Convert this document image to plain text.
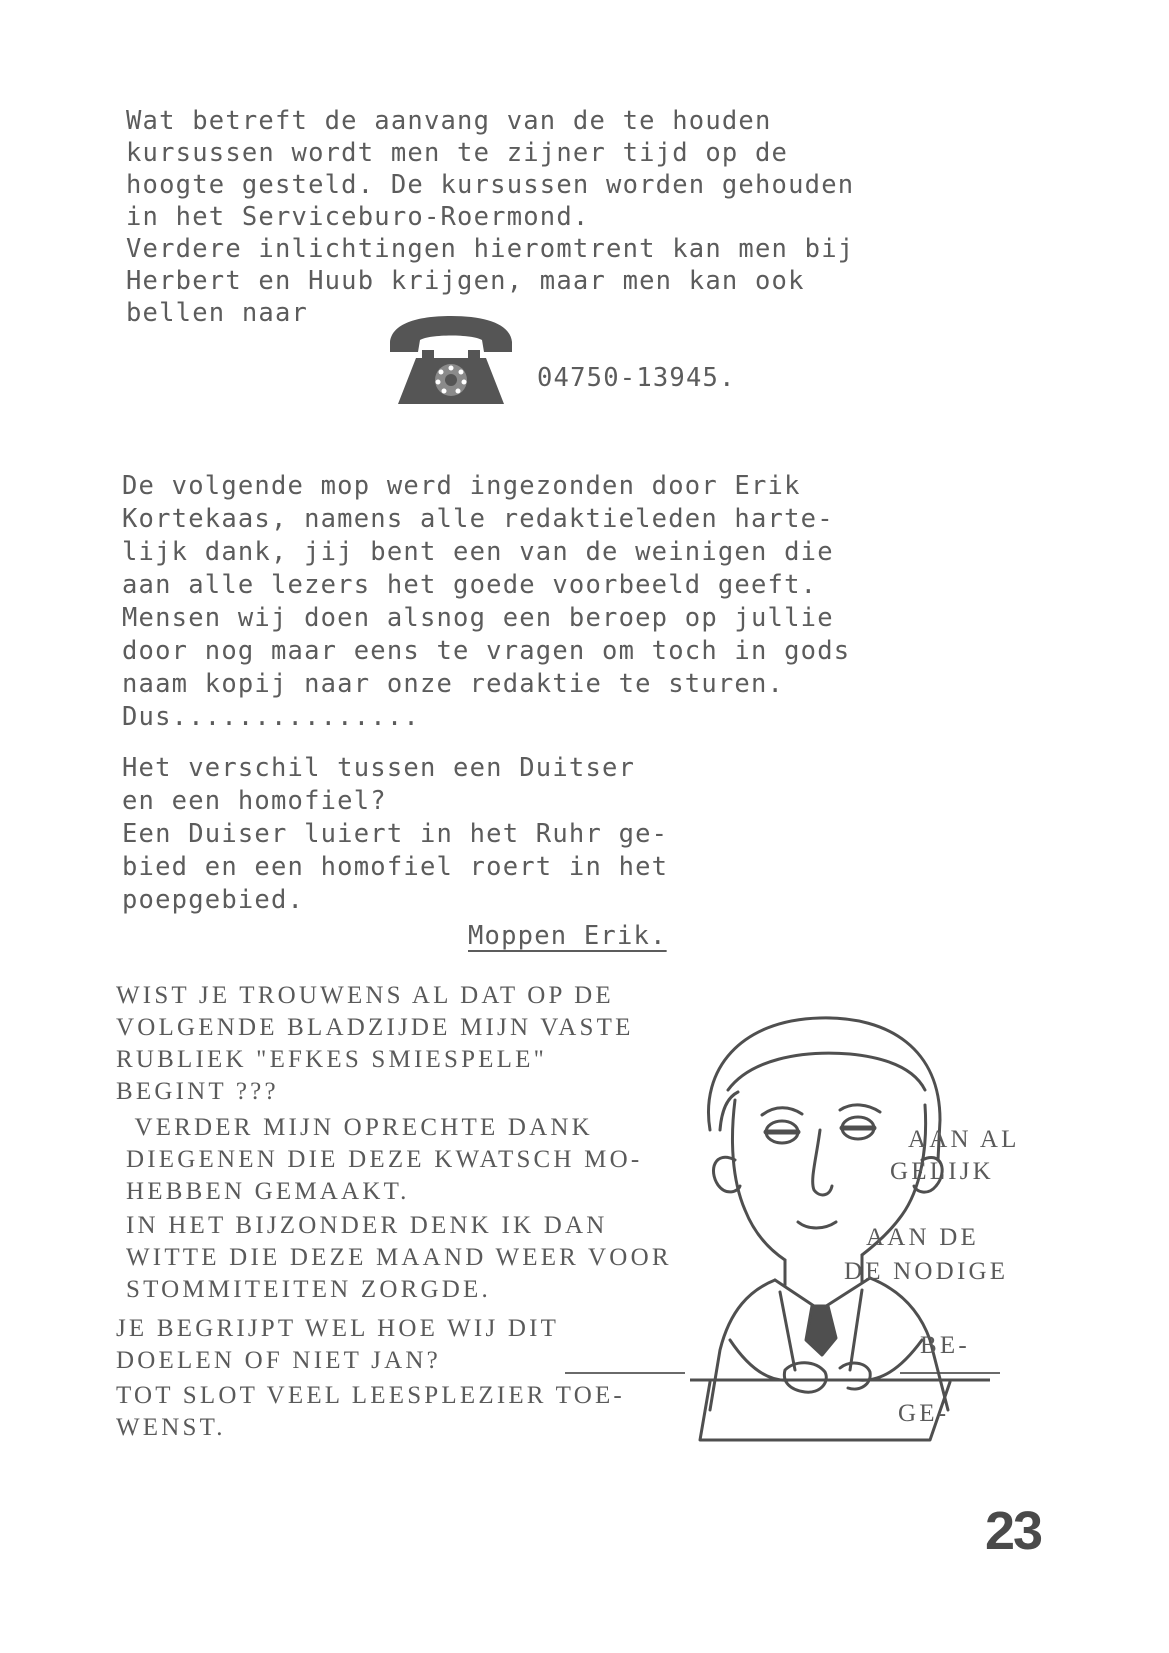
Wat betreft de aanvang van de te houden
kursussen wordt men te zijner tijd op de
hoogte gesteld. De kursussen worden gehouden
in het Serviceburo-Roermond.
Verdere inlichtingen hieromtrent kan men bij
Herbert en Huub krijgen, maar men kan ook
bellen naar
04750-13945.
De volgende mop werd ingezonden door Erik
Kortekaas, namens alle redaktieleden harte-
lijk dank, jij bent een van de weinigen die
aan alle lezers het goede voorbeeld geeft.
Mensen wij doen alsnog een beroep op jullie
door nog maar eens te vragen om toch in gods
naam kopij naar onze redaktie te sturen.
Dus...............
Het verschil tussen een Duitser
en een homofiel?
Een Duiser luiert in het Ruhr ge-
bied en een homofiel roert in het
poepgebied.
Moppen Erik.
WIST JE TROUWENS AL DAT OP DE
VOLGENDE BLADZIJDE MIJN VASTE
RUBLIEK "EFKES SMIESPELE"
BEGINT ???
VERDER MIJN OPRECHTE DANK
DIEGENEN DIE DEZE KWATSCH MO-
HEBBEN GEMAAKT.
IN HET BIJZONDER DENK IK DAN
WITTE DIE DEZE MAAND WEER VOOR
STOMMITEITEN ZORGDE.
JE BEGRIJPT WEL HOE WIJ DIT
DOELEN OF NIET JAN?
TOT SLOT VEEL LEESPLEZIER TOE-
WENST.
AAN AL
GELIJK
AAN DE
DE NODIGE
BE-
GE-
23
